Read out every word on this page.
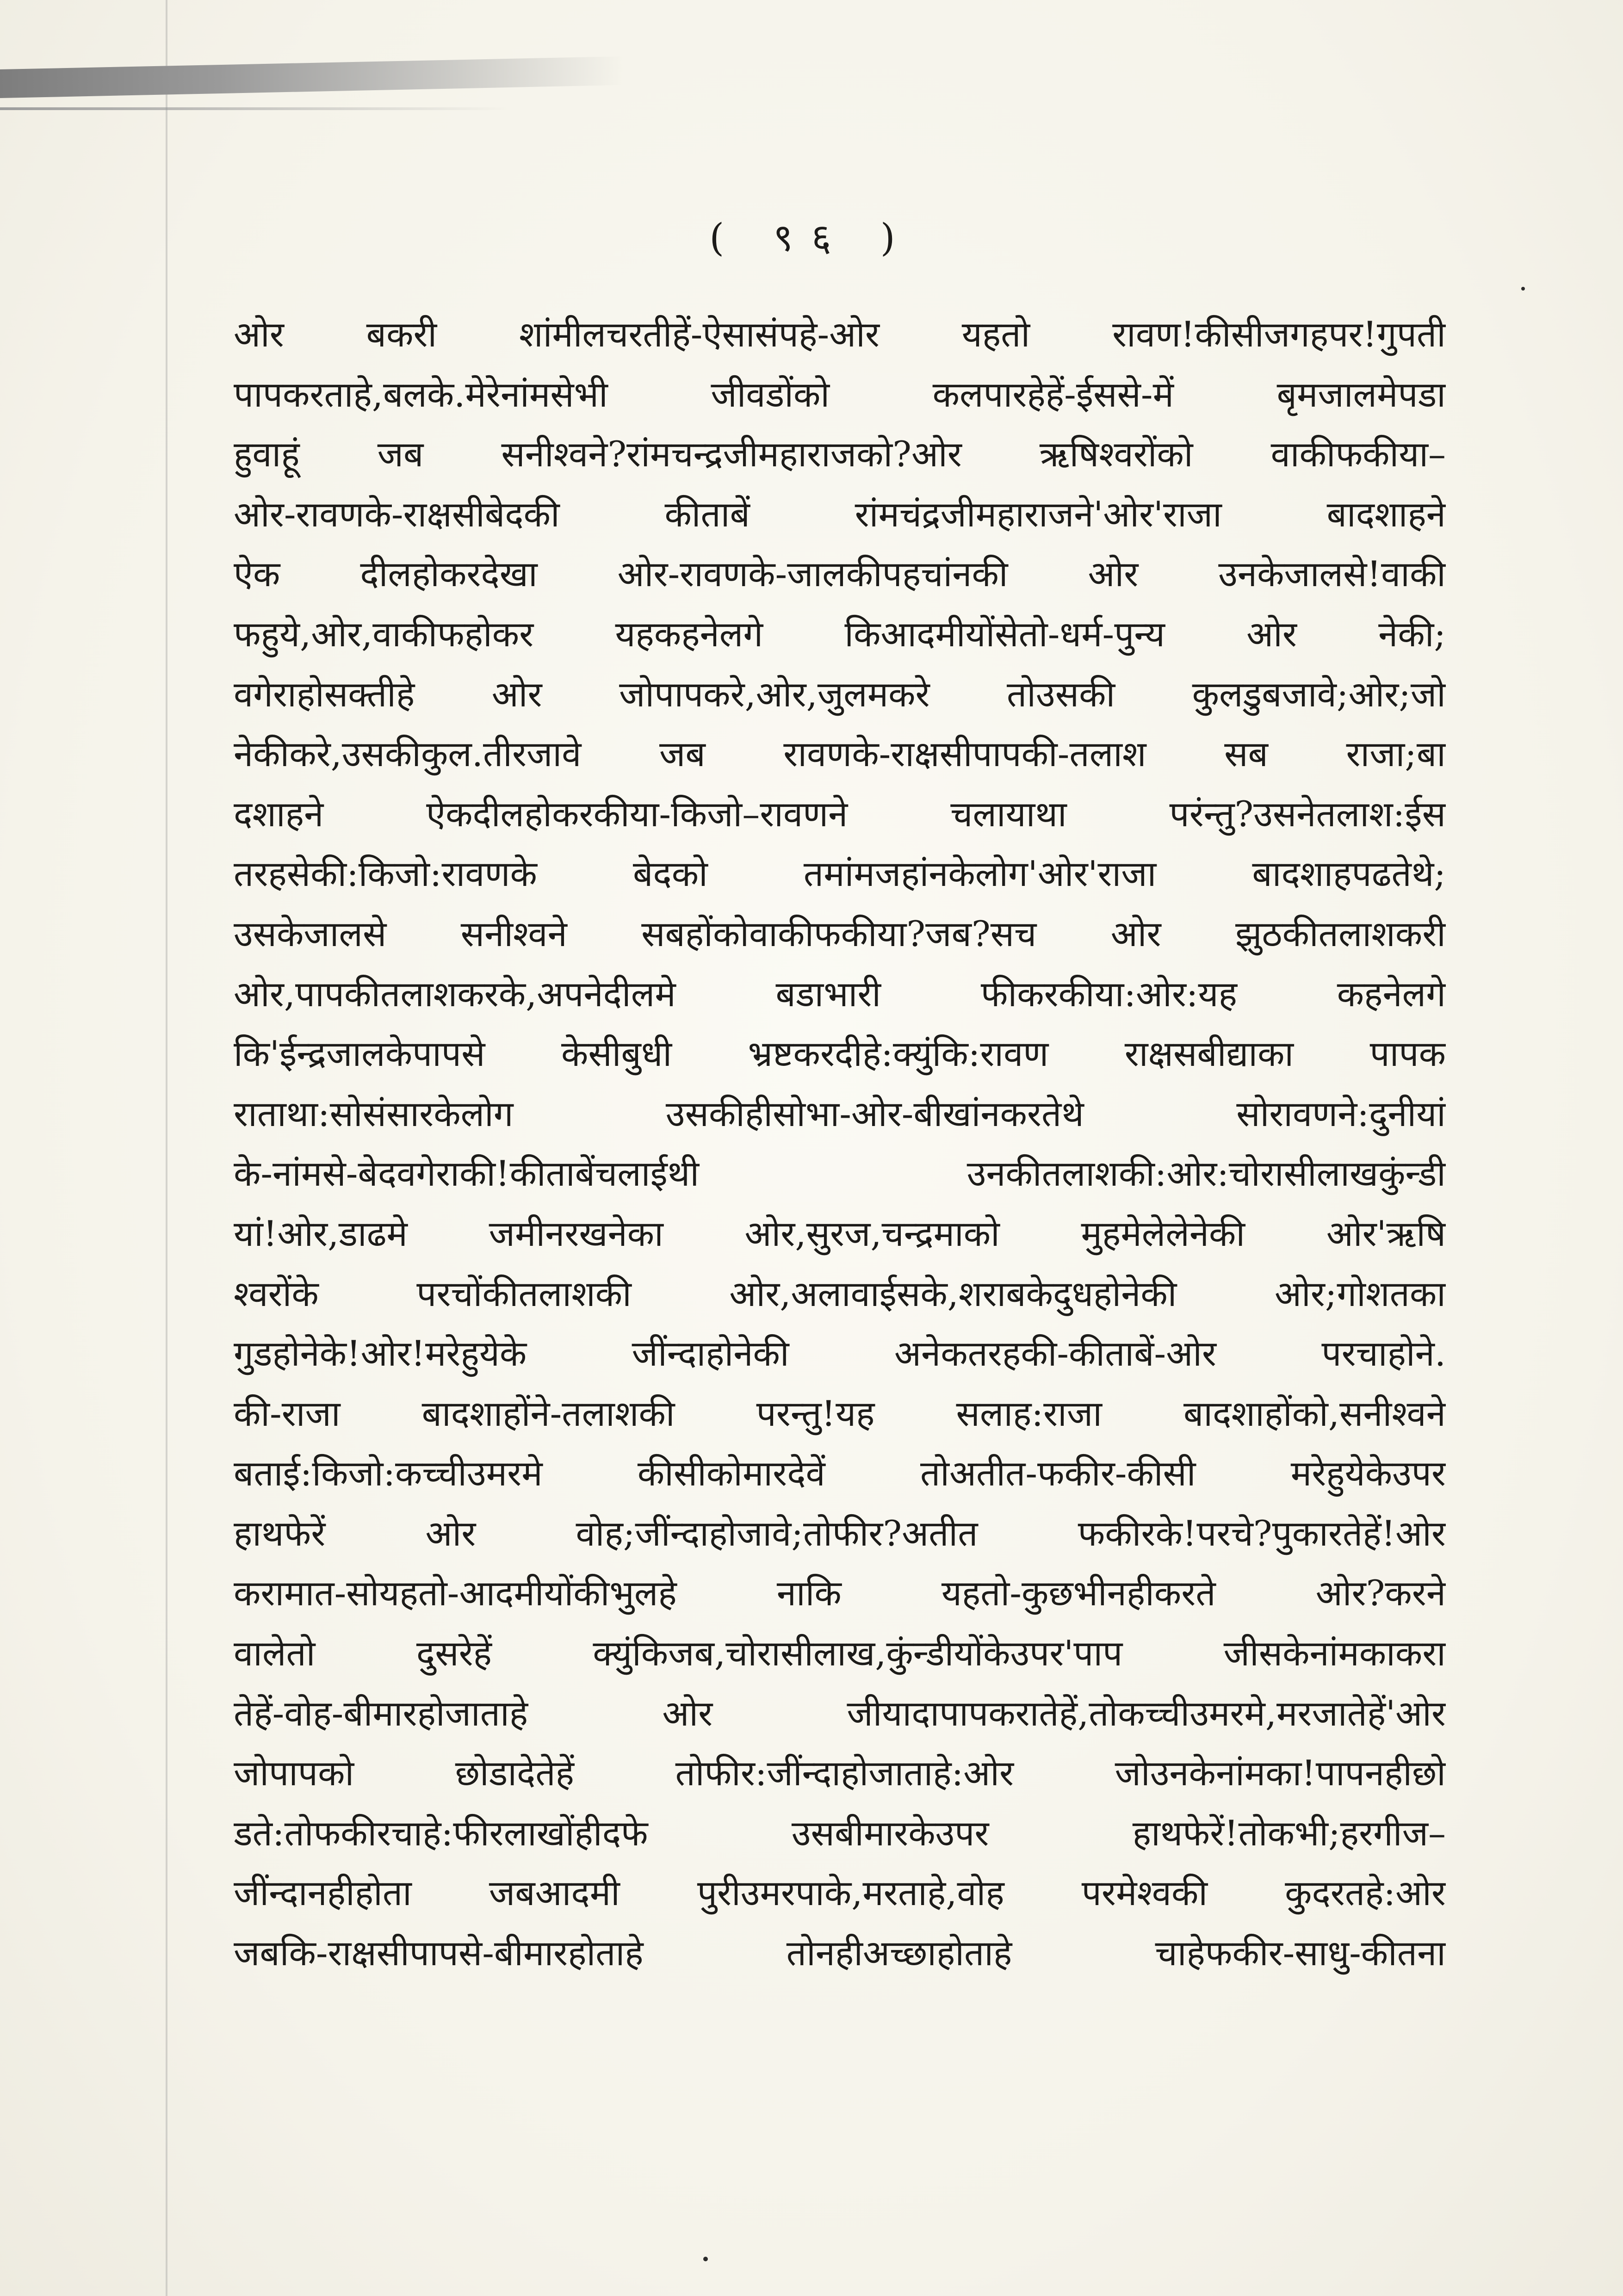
( ९६ )
ओर बकरी शांमीलचरतीहें-ऐसासंपहे-ओर यहतो रावण!कीसीजगहपर!गुपती
पापकरताहे,बलके.मेरेनांमसेभी जीवडोंको कलपारहेहें-ईससे-में बृमजालमेपडा
हुवाहूं जब सनीश्वने?रांमचन्द्रजीमहाराजको?ओर ऋषिश्वरोंको वाकीफकीया–
ओर-रावणके-राक्षसीबेदकी कीताबें रांमचंद्रजीमहाराजने'ओर'राजा बादशाहने
ऐक दीलहोकरदेखा ओर-रावणके-जालकीपहचांनकी ओर उनकेजालसे!वाकी
फहुये,ओर,वाकीफहोकर यहकहनेलगे किआदमीयोंसेतो-धर्म-पुन्य ओर नेकी;
वगेराहोसक्तीहे ओर जोपापकरे,ओर,जुलमकरे तोउसकी कुलडुबजावे;ओर;जो
नेकीकरे,उसकीकुल.तीरजावे जब रावणके-राक्षसीपापकी-तलाश सब राजा;बा
दशाहने ऐकदीलहोकरकीया-किजो–रावणने चलायाथा परंन्तु?उसनेतलाश:ईस
तरहसेकी:किजो:रावणके बेदको तमांमजहांनकेलोग'ओर'राजा बादशाहपढतेथे;
उसकेजालसे सनीश्वने सबहोंकोवाकीफकीया?जब?सच ओर झुठकीतलाशकरी
ओर,पापकीतलाशकरके,अपनेदीलमे बडाभारी फीकरकीया:ओर:यह कहनेलगे
कि'ईन्द्रजालकेपापसे केसीबुधी भ्रष्टकरदीहे:क्युंकि:रावण राक्षसबीद्याका पापक
राताथा:सोसंसारकेलोग उसकीहीसोभा-ओर-बीखांनकरतेथे सोरावणने:दुनीयां
के-नांमसे-बेदवगेराकी!कीताबेंचलाईथी उनकीतलाशकी:ओर:चोरासीलाखकुंन्डी
यां!ओर,डाढमे जमीनरखनेका ओर,सुरज,चन्द्रमाको मुहमेलेलेनेकी ओर'ऋषि
श्वरोंके परचोंकीतलाशकी ओर,अलावाईसके,शराबकेदुधहोनेकी ओर;गोशतका
गुडहोनेके!ओर!मरेहुयेके जींन्दाहोनेकी अनेकतरहकी-कीताबें-ओर परचाहोने.
की-राजा बादशाहोंने-तलाशकी परन्तु!यह सलाह:राजा बादशाहोंको,सनीश्वने
बताई:किजो:कच्चीउमरमे कीसीकोमारदेवें तोअतीत-फकीर-कीसी मरेहुयेकेउपर
हाथफेरें ओर वोह;जींन्दाहोजावे;तोफीर?अतीत फकीरके!परचे?पुकारतेहें!ओर
करामात-सोयहतो-आदमीयोंकीभुलहे नाकि यहतो-कुछभीनहीकरते ओर?करने
वालेतो दुसरेहें क्युंकिजब,चोरासीलाख,कुंन्डीयोंकेउपर'पाप जीसकेनांमकाकरा
तेहें-वोह-बीमारहोजाताहे ओर जीयादापापकरातेहें,तोकच्चीउमरमे,मरजातेहें'ओर
जोपापको छोडादेतेहें तोफीर:जींन्दाहोजाताहे:ओर जोउनकेनांमका!पापनहीछो
डते:तोफकीरचाहे:फीरलाखोंहीदफे उसबीमारकेउपर हाथफेरें!तोकभी;हरगीज–
जींन्दानहीहोता जबआदमी पुरीउमरपाके,मरताहे,वोह परमेश्वकी कुदरतहे:ओर
जबकि-राक्षसीपापसे-बीमारहोताहे तोनहीअच्छाहोताहे चाहेफकीर-साधु-कीतना
